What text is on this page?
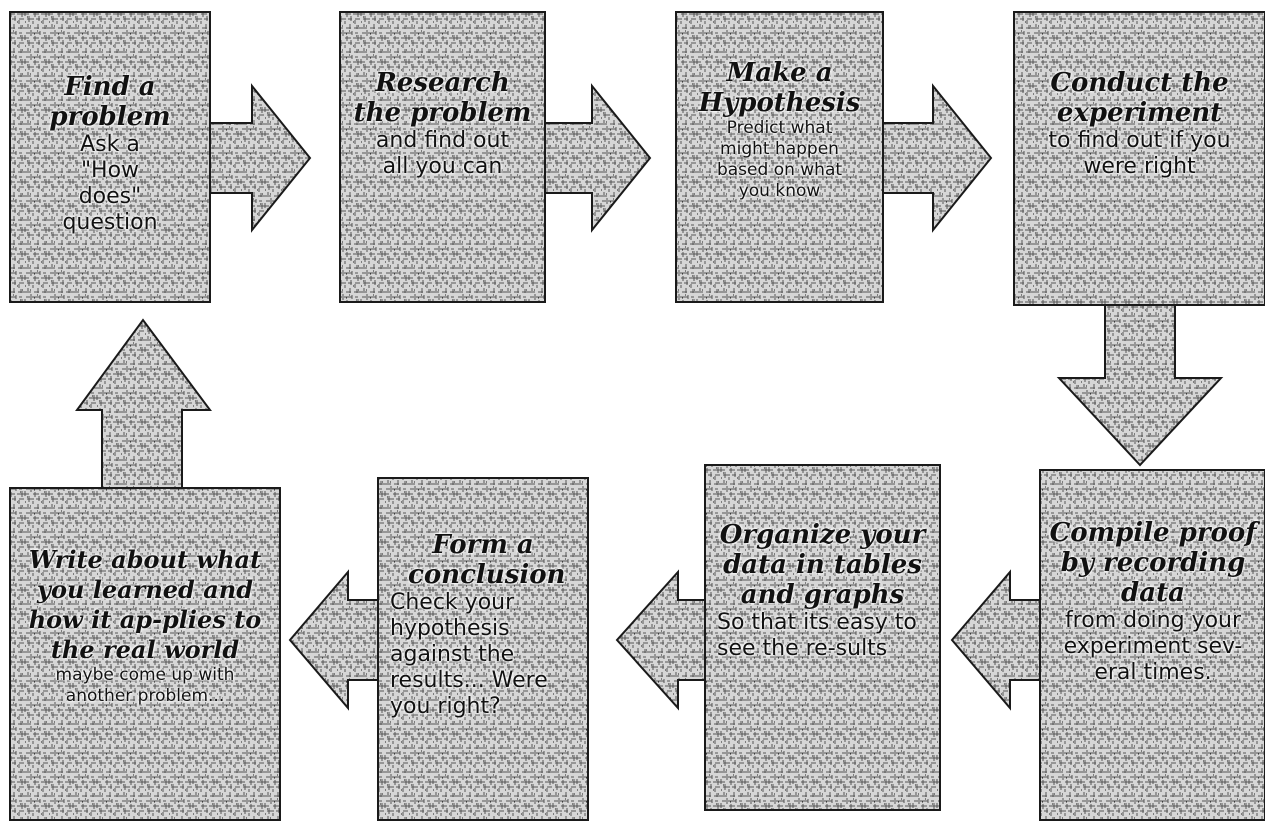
Find a problem
Ask a "How does" question
Research the problem
and find out all you can
Make a Hypothesis
Predict what might happen based on what you know
Conduct the experiment
to find out if you were right
Compile proof by recording data
from doing your experiment sev-eral times.
Organize your data in tables and graphs
So that its easy to see the re-sults
Form a conclusion
Check your hypothesis against the results... Were you right?
Write about what you learned and how it ap-plies to the real world
maybe come up with another problem...
